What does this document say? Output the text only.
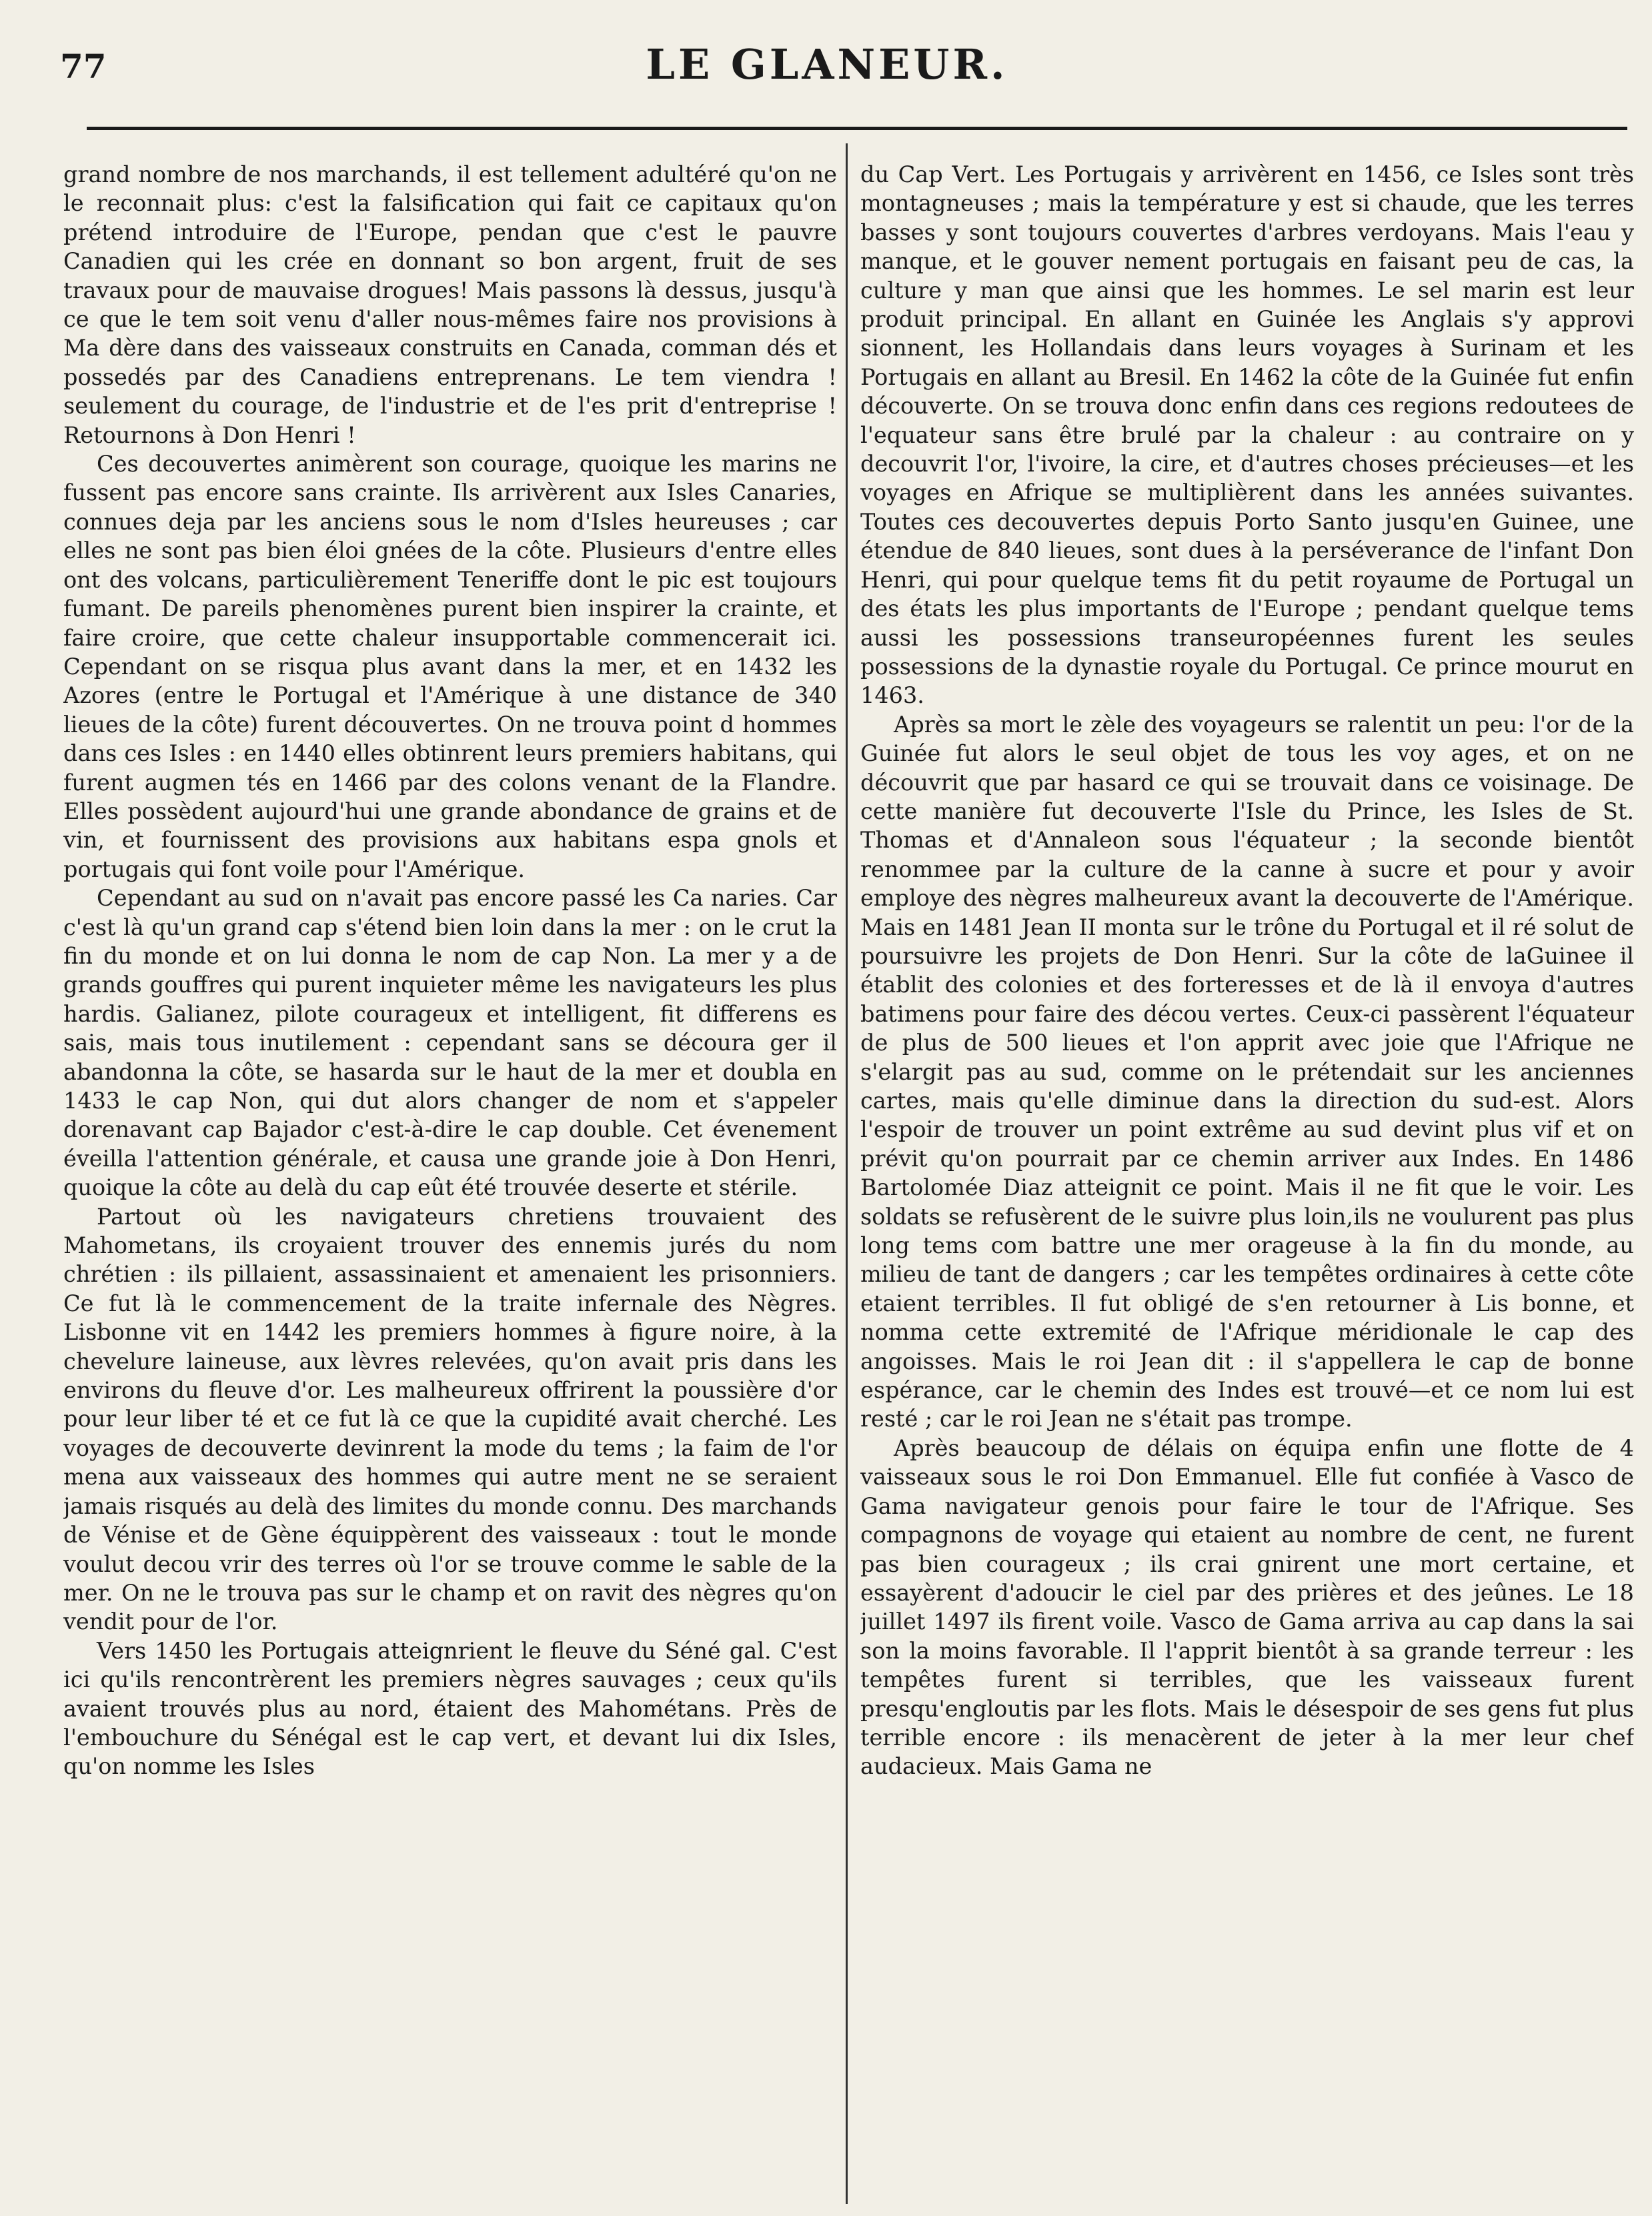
77	LE GLANEUR.

grand nombre de nos marchands, il est tellement adultéré qu'on ne le reconnait plus: c'est la falsification qui fait ce capitaux qu'on prétend introduire de l'Europe, pendan que c'est le pauvre Canadien qui les crée en donnant so bon argent, fruit de ses travaux pour de mauvaise drogues! Mais passons là dessus, jusqu'à ce que le tem soit venu d'aller nous-mêmes faire nos provisions à Ma dère dans des vaisseaux construits en Canada, comman dés et possedés par des Canadiens entreprenans. Le tem viendra ! seulement du courage, de l'industrie et de l'es prit d'entreprise ! Retournons à Don Henri !

Ces decouvertes animèrent son courage, quoique les marins ne fussent pas encore sans crainte. Ils arrivèrent aux Isles Canaries, connues deja par les anciens sous le nom d'Isles heureuses ; car elles ne sont pas bien éloi gnées de la côte. Plusieurs d'entre elles ont des volcans, particulièrement Teneriffe dont le pic est toujours fumant. De pareils phenomènes purent bien inspirer la crainte, et faire croire, que cette chaleur insupportable commencerait ici. Cependant on se risqua plus avant dans la mer, et en 1432 les Azores (entre le Portugal et l'Amérique à une distance de 340 lieues de la côte) furent découvertes. On ne trouva point d hommes dans ces Isles : en 1440 elles obtinrent leurs premiers habitans, qui furent augmen tés en 1466 par des colons venant de la Flandre. Elles possèdent aujourd'hui une grande abondance de grains et de vin, et fournissent des provisions aux habitans espa gnols et portugais qui font voile pour l'Amérique.

Cependant au sud on n'avait pas encore passé les Ca naries. Car c'est là qu'un grand cap s'étend bien loin dans la mer : on le crut la fin du monde et on lui donna le nom de cap Non. La mer y a de grands gouffres qui purent inquieter même les navigateurs les plus hardis. Galianez, pilote courageux et intelligent, fit differens es sais, mais tous inutilement : cependant sans se découra ger il abandonna la côte, se hasarda sur le haut de la mer et doubla en 1433 le cap Non, qui dut alors changer de nom et s'appeler dorenavant cap Bajador c'est-à-dire le cap double. Cet évenement éveilla l'attention générale, et causa une grande joie à Don Henri, quoique la côte au delà du cap eût été trouvée deserte et stérile.

Partout où les navigateurs chretiens trouvaient des Mahometans, ils croyaient trouver des ennemis jurés du nom chrétien : ils pillaient, assassinaient et amenaient les prisonniers. Ce fut là le commencement de la traite infernale des Nègres. Lisbonne vit en 1442 les premiers hommes à figure noire, à la chevelure laineuse, aux lèvres relevées, qu'on avait pris dans les environs du fleuve d'or. Les malheureux offrirent la poussière d'or pour leur liber té et ce fut là ce que la cupidité avait cherché. Les voyages de decouverte devinrent la mode du tems ; la faim de l'or mena aux vaisseaux des hommes qui autre ment ne se seraient jamais risqués au delà des limites du monde connu. Des marchands de Vénise et de Gène équippèrent des vaisseaux : tout le monde voulut decou vrir des terres où l'or se trouve comme le sable de la mer. On ne le trouva pas sur le champ et on ravit des nègres qu'on vendit pour de l'or.

Vers 1450 les Portugais atteignrient le fleuve du Séné gal. C'est ici qu'ils rencontrèrent les premiers nègres sauvages ; ceux qu'ils avaient trouvés plus au nord, étaient des Mahométans. Près de l'embouchure du Sénégal est le cap vert, et devant lui dix Isles, qu'on nomme les Isles

du Cap Vert. Les Portugais y arrivèrent en 1456, ce Isles sont très montagneuses ; mais la température y est si chaude, que les terres basses y sont toujours couvertes d'arbres verdoyans. Mais l'eau y manque, et le gouver nement portugais en faisant peu de cas, la culture y man que ainsi que les hommes. Le sel marin est leur produit principal. En allant en Guinée les Anglais s'y approvi sionnent, les Hollandais dans leurs voyages à Surinam et les Portugais en allant au Bresil. En 1462 la côte de la Guinée fut enfin découverte. On se trouva donc enfin dans ces regions redoutees de l'equateur sans être brulé par la chaleur : au contraire on y decouvrit l'or, l'ivoire, la cire, et d'autres choses précieuses—et les voyages en Afrique se multiplièrent dans les années suivantes. Toutes ces decouvertes depuis Porto Santo jusqu'en Guinee, une étendue de 840 lieues, sont dues à la perséverance de l'infant Don Henri, qui pour quelque tems fit du petit royaume de Portugal un des états les plus importants de l'Europe ; pendant quelque tems aussi les possessions transeuropéennes furent les seules possessions de la dynastie royale du Portugal. Ce prince mourut en 1463.

Après sa mort le zèle des voyageurs se ralentit un peu: l'or de la Guinée fut alors le seul objet de tous les voy ages, et on ne découvrit que par hasard ce qui se trouvait dans ce voisinage. De cette manière fut decouverte l'Isle du Prince, les Isles de St. Thomas et d'Annaleon sous l'équateur ; la seconde bientôt renommee par la culture de la canne à sucre et pour y avoir employe des nègres malheureux avant la decouverte de l'Amérique. Mais en 1481 Jean II monta sur le trône du Portugal et il ré solut de poursuivre les projets de Don Henri. Sur la côte de laGuinee il établit des colonies et des forteresses et de là il envoya d'autres batimens pour faire des décou vertes. Ceux-ci passèrent l'équateur de plus de 500 lieues et l'on apprit avec joie que l'Afrique ne s'elargit pas au sud, comme on le prétendait sur les anciennes cartes, mais qu'elle diminue dans la direction du sud-est. Alors l'espoir de trouver un point extrême au sud devint plus vif et on prévit qu'on pourrait par ce chemin arriver aux Indes. En 1486 Bartolomée Diaz atteignit ce point. Mais il ne fit que le voir. Les soldats se refusèrent de le suivre plus loin,ils ne voulurent pas plus long tems com battre une mer orageuse à la fin du monde, au milieu de tant de dangers ; car les tempêtes ordinaires à cette côte etaient terribles. Il fut obligé de s'en retourner à Lis bonne, et nomma cette extremité de l'Afrique méridionale le cap des angoisses. Mais le roi Jean dit : il s'appellera le cap de bonne espérance, car le chemin des Indes est trouvé—et ce nom lui est resté ; car le roi Jean ne s'était pas trompe.

Après beaucoup de délais on équipa enfin une flotte de 4 vaisseaux sous le roi Don Emmanuel. Elle fut confiée à Vasco de Gama navigateur genois pour faire le tour de l'Afrique. Ses compagnons de voyage qui etaient au nombre de cent, ne furent pas bien courageux ; ils crai gnirent une mort certaine, et essayèrent d'adoucir le ciel par des prières et des jeûnes. Le 18 juillet 1497 ils firent voile. Vasco de Gama arriva au cap dans la sai son la moins favorable. Il l'apprit bientôt à sa grande terreur : les tempêtes furent si terribles, que les vaisseaux furent presqu'engloutis par les flots. Mais le désespoir de ses gens fut plus terrible encore : ils menacèrent de jeter à la mer leur chef audacieux. Mais Gama ne
